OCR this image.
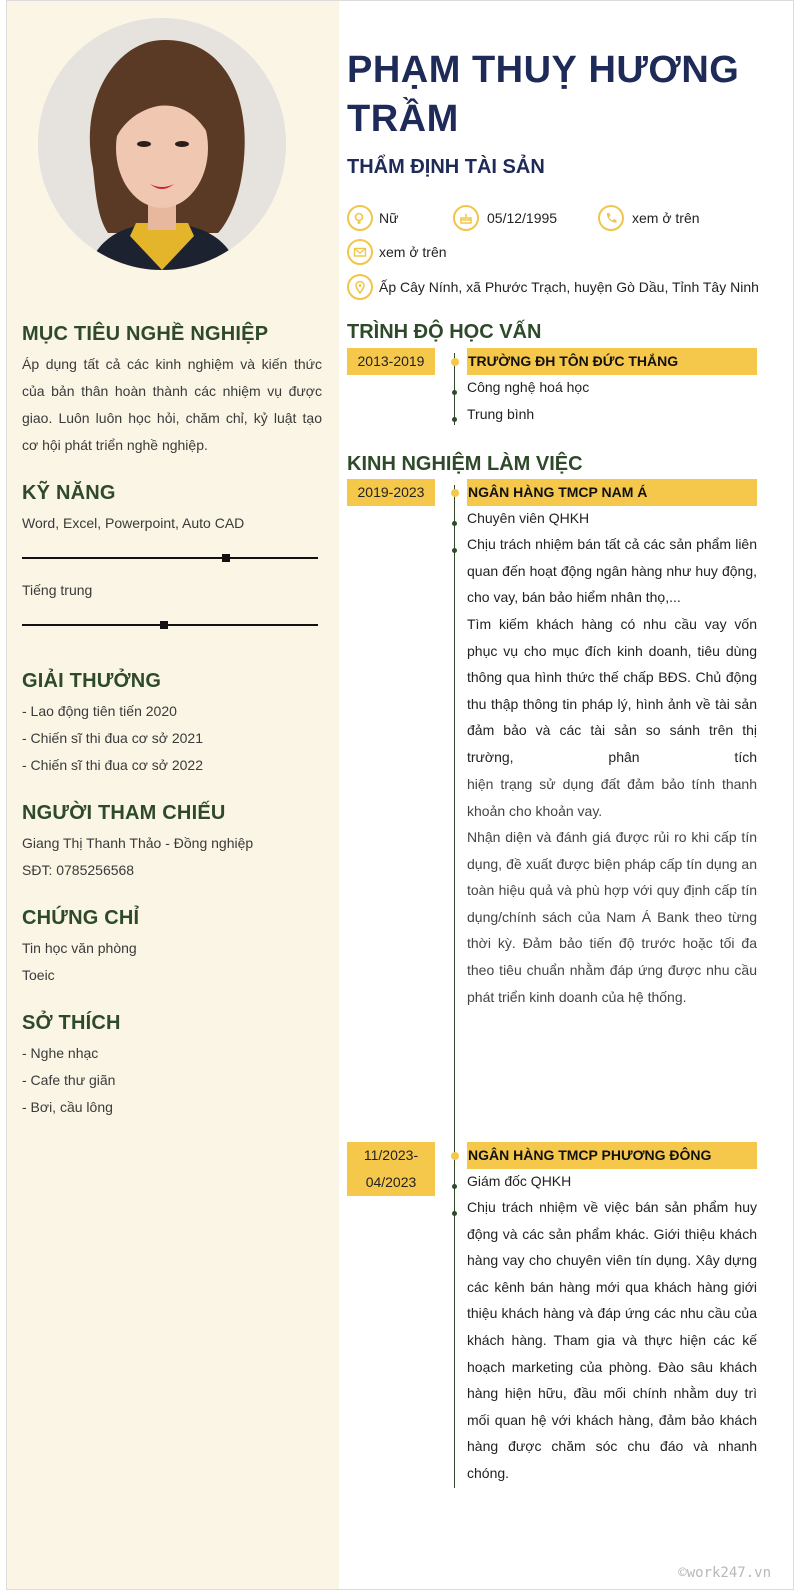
MỤC TIÊU NGHỀ NGHIỆP
Áp dụng tất cả các kinh nghiệm và kiến thức của bản thân hoàn thành các nhiệm vụ được giao. Luôn luôn học hỏi, chăm chỉ, kỷ luật tạo cơ hội phát triển nghề nghiệp.
KỸ NĂNG
Word, Excel, Powerpoint, Auto CAD
Tiếng trung
GIẢI THƯỞNG
- Lao động tiên tiến 2020
- Chiến sĩ thi đua cơ sở 2021
- Chiến sĩ thi đua cơ sở 2022
NGƯỜI THAM CHIẾU
Giang Thị Thanh Thảo - Đồng nghiệp
SĐT: 0785256568
CHỨNG CHỈ
Tin học văn phòng
Toeic
SỞ THÍCH
- Nghe nhạc
- Cafe thư giãn
- Bơi, cầu lông
PHẠM THUỴ HƯƠNG TRẦM
THẨM ĐỊNH TÀI SẢN
Nữ	05/12/1995	xem ở trên
xem ở trên
Ấp Cây Nính, xã Phước Trạch, huyện Gò Dầu, Tỉnh Tây Ninh
TRÌNH ĐỘ HỌC VẤN
2013-2019	TRƯỜNG ĐH TÔN ĐỨC THẮNG
Công nghệ hoá học
Trung bình
KINH NGHIỆM LÀM VIỆC
2019-2023	NGÂN HÀNG TMCP NAM Á
Chuyên viên QHKH
Chịu trách nhiệm bán tất cả các sản phẩm liên quan đến hoạt động ngân hàng như huy động, cho vay, bán bảo hiểm nhân thọ,...
Tìm kiếm khách hàng có nhu cầu vay vốn phục vụ cho mục đích kinh doanh, tiêu dùng thông qua hình thức thế chấp BĐS. Chủ động thu thập thông tin pháp lý, hình ảnh về tài sản đảm bảo và các tài sản so sánh trên thị trường, phân tích
hiện trạng sử dụng đất đảm bảo tính thanh khoản cho khoản vay.
Nhận diện và đánh giá được rủi ro khi cấp tín dụng, đề xuất được biện pháp cấp tín dụng an toàn hiệu quả và phù hợp với quy định cấp tín dụng/chính sách của Nam Á Bank theo từng thời kỳ. Đảm bảo tiến độ trước hoặc tối đa theo tiêu chuẩn nhằm đáp ứng được nhu cầu phát triển kinh doanh của hệ thống.
11/2023-
04/2023
NGÂN HÀNG TMCP PHƯƠNG ĐÔNG
Giám đốc QHKH
Chịu trách nhiệm về việc bán sản phẩm huy động và các sản phẩm khác. Giới thiệu khách hàng vay cho chuyên viên tín dụng. Xây dựng các kênh bán hàng mới qua khách hàng giới thiệu khách hàng và đáp ứng các nhu cầu của khách hàng. Tham gia và thực hiện các kế hoạch marketing của phòng. Đào sâu khách hàng hiện hữu, đầu mối chính nhằm duy trì mối quan hệ với khách hàng, đảm bảo khách hàng được chăm sóc chu đáo và nhanh chóng.
©work247.vn
